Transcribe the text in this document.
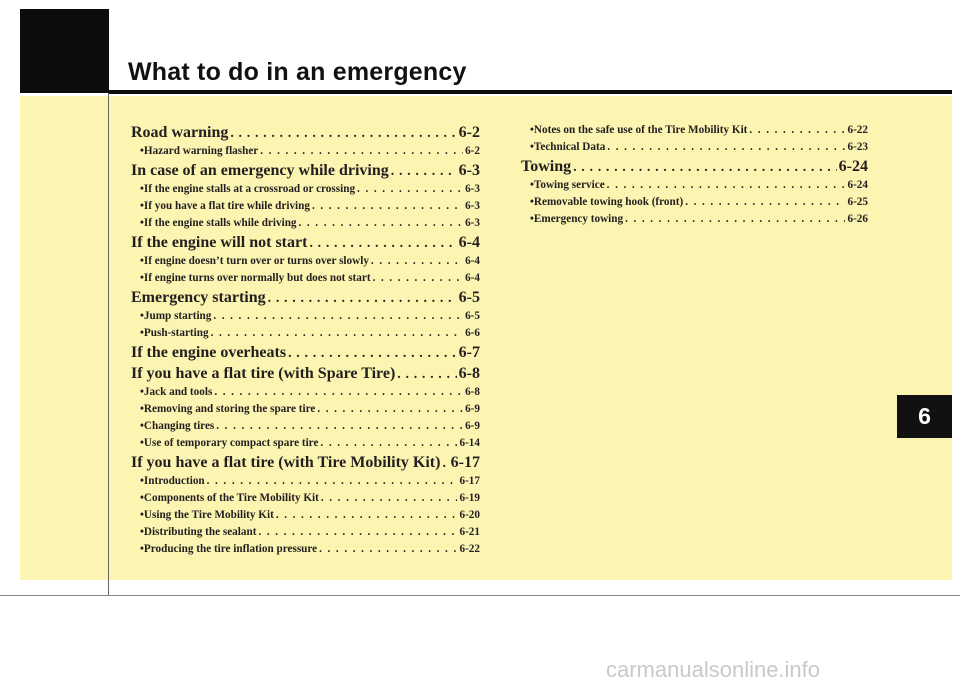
What to do in an emergency
Road warning . . .	6-2
• Hazard warning flasher . . .	6-2
In case of an emergency while driving . . .	6-3
• If the engine stalls at a crossroad or crossing . . .	6-3
• If you have a flat tire while driving . . .	6-3
• If the engine stalls while driving . . .	6-3
If the engine will not start . . .	6-4
• If engine doesn’t turn over or turns over slowly . . .	6-4
• If engine turns over normally but does not start . . .	6-4
Emergency starting . . .	6-5
• Jump starting . . .	6-5
• Push-starting . . .	6-6
If the engine overheats . . .	6-7
If you have a flat tire (with Spare Tire) . . .	6-8
• Jack and tools . . .	6-8
• Removing and storing the spare tire . . .	6-9
• Changing tires . . .	6-9
• Use of temporary compact spare tire . . .	6-14
If you have a flat tire (with Tire Mobility Kit) . . . 6-17
• Introduction . . .	6-17
• Components of the Tire Mobility Kit . . .	6-19
• Using the Tire Mobility Kit . . .	6-20
• Distributing the sealant . . .	6-21
• Producing the tire inflation pressure . . .	6-22
• Notes on the safe use of the Tire Mobility Kit . . .	6-22
• Technical Data . . .	6-23
Towing . . .	6-24
• Towing service . . .	6-24
• Removable towing hook (front) . . .	6-25
• Emergency towing . . .	6-26
6

carmanualsonline.info
